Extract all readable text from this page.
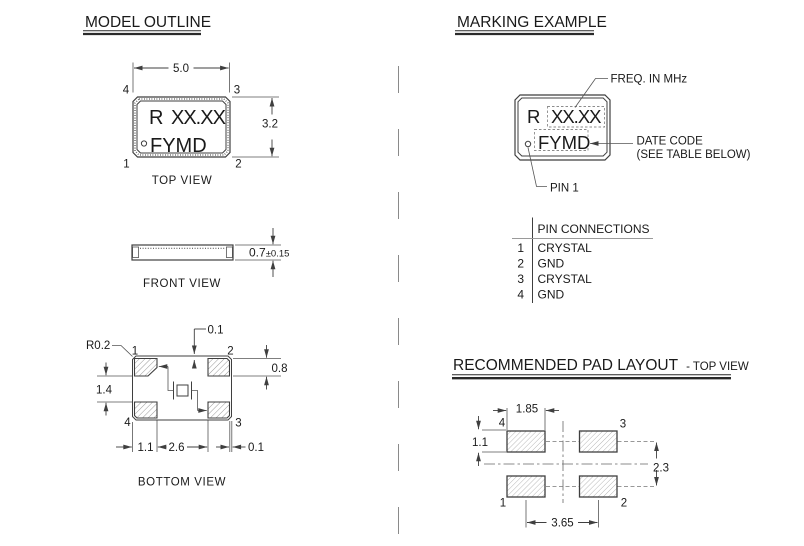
MODEL OUTLINE
R XX.XX
FYMD
5.0
3.2
4	3
1	2
TOP VIEW
0.7±0.15
FRONT VIEW
R0.2
0.1
1.4
0.8
1.1 2.6	0.1
1	2
4	3
BOTTOM VIEW
MARKING EXAMPLE
R XX.XX
FYMD
FREQ. IN MHz
DATE CODE
(SEE TABLE BELOW)
PIN 1
PIN CONNECTIONS
1 CRYSTAL
2 GND
3 CRYSTAL
4 GND
RECOMMENDED PAD LAYOUT - TOP VIEW
1.85
1.1
2.3
3.65
4	3
1	2
